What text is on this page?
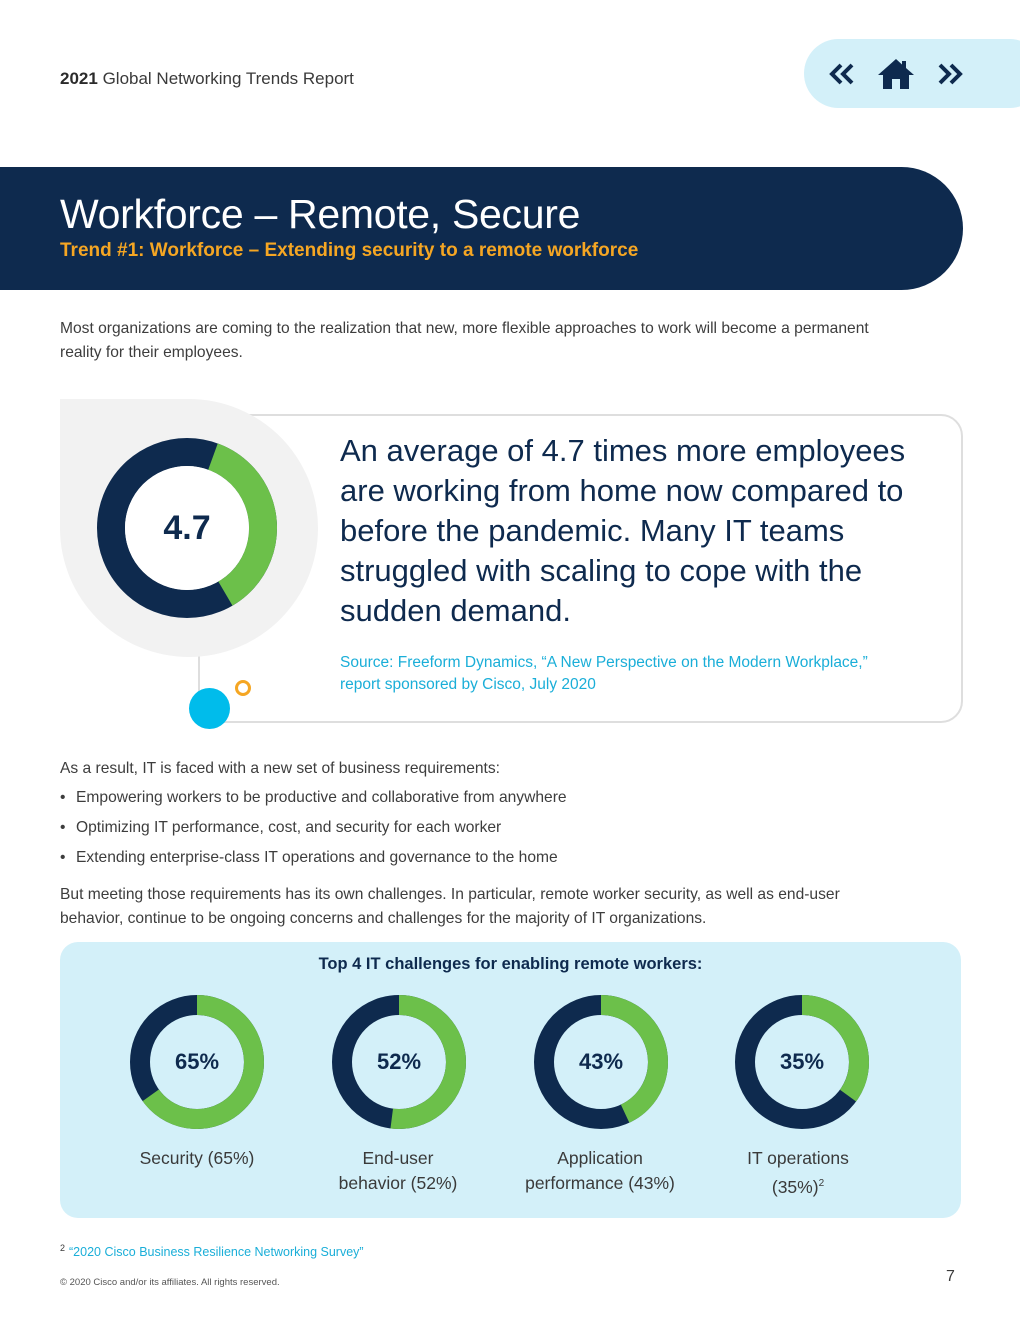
2021 Global Networking Trends Report
Workforce – Remote, Secure
Trend #1: Workforce – Extending security to a remote workforce
Most organizations are coming to the realization that new, more flexible approaches to work will become a permanent reality for their employees.
4.7
An average of 4.7 times more employees are working from home now compared to before the pandemic. Many IT teams struggled with scaling to cope with the sudden demand.
Source: Freeform Dynamics, “A New Perspective on the Modern Workplace,” report sponsored by Cisco, July 2020
As a result, IT is faced with a new set of business requirements:
• Empowering workers to be productive and collaborative from anywhere
• Optimizing IT performance, cost, and security for each worker
• Extending enterprise-class IT operations and governance to the home
But meeting those requirements has its own challenges. In particular, remote worker security, as well as end-user behavior, continue to be ongoing concerns and challenges for the majority of IT organizations.
Top 4 IT challenges for enabling remote workers:
65%	52%	43%	35%
Security (65%)	End-user
behavior (52%)
Application
performance (43%)
IT operations
$(35\%)^2$
$^2$ “2020 Cisco Business Resilience Networking Survey”
© 2020 Cisco and/or its affiliates. All rights reserved.	7
